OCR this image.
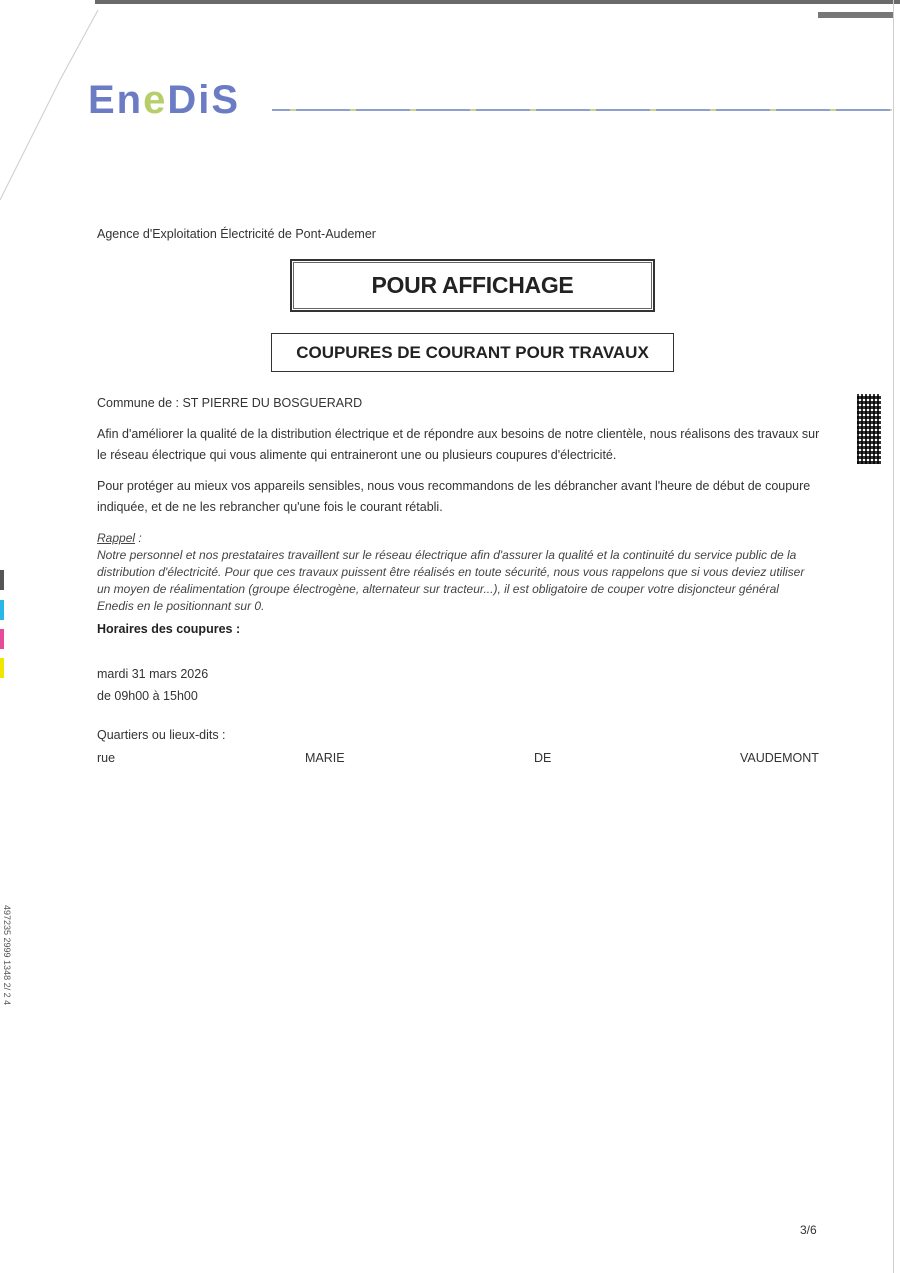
EneDiS
Agence d'Exploitation Électricité de Pont-Audemer
POUR AFFICHAGE
COUPURES DE COURANT POUR TRAVAUX
Commune de : ST PIERRE DU BOSGUERARD
Afin d'améliorer la qualité de la distribution électrique et de répondre aux besoins de notre clientèle, nous réalisons des travaux sur le réseau électrique qui vous alimente qui entraineront une ou plusieurs coupures d'électricité.
Pour protéger au mieux vos appareils sensibles, nous vous recommandons de les débrancher avant l'heure de début de coupure indiquée, et de ne les rebrancher qu'une fois le courant rétabli.
Rappel :
Notre personnel et nos prestataires travaillent sur le réseau électrique afin d'assurer la qualité et la continuité du service public de la distribution d'électricité. Pour que ces travaux puissent être réalisés en toute sécurité, nous vous rappelons que si vous deviez utiliser un moyen de réalimentation (groupe électrogène, alternateur sur tracteur...), il est obligatoire de couper votre disjoncteur général Enedis en le positionnant sur 0.
Horaires des coupures :
mardi 31 mars 2026
de 09h00 à 15h00
Quartiers ou lieux-dits :
rue	MARIE	DE	VAUDEMONT
497235 2999 1348 2/ 2 4
3/6
